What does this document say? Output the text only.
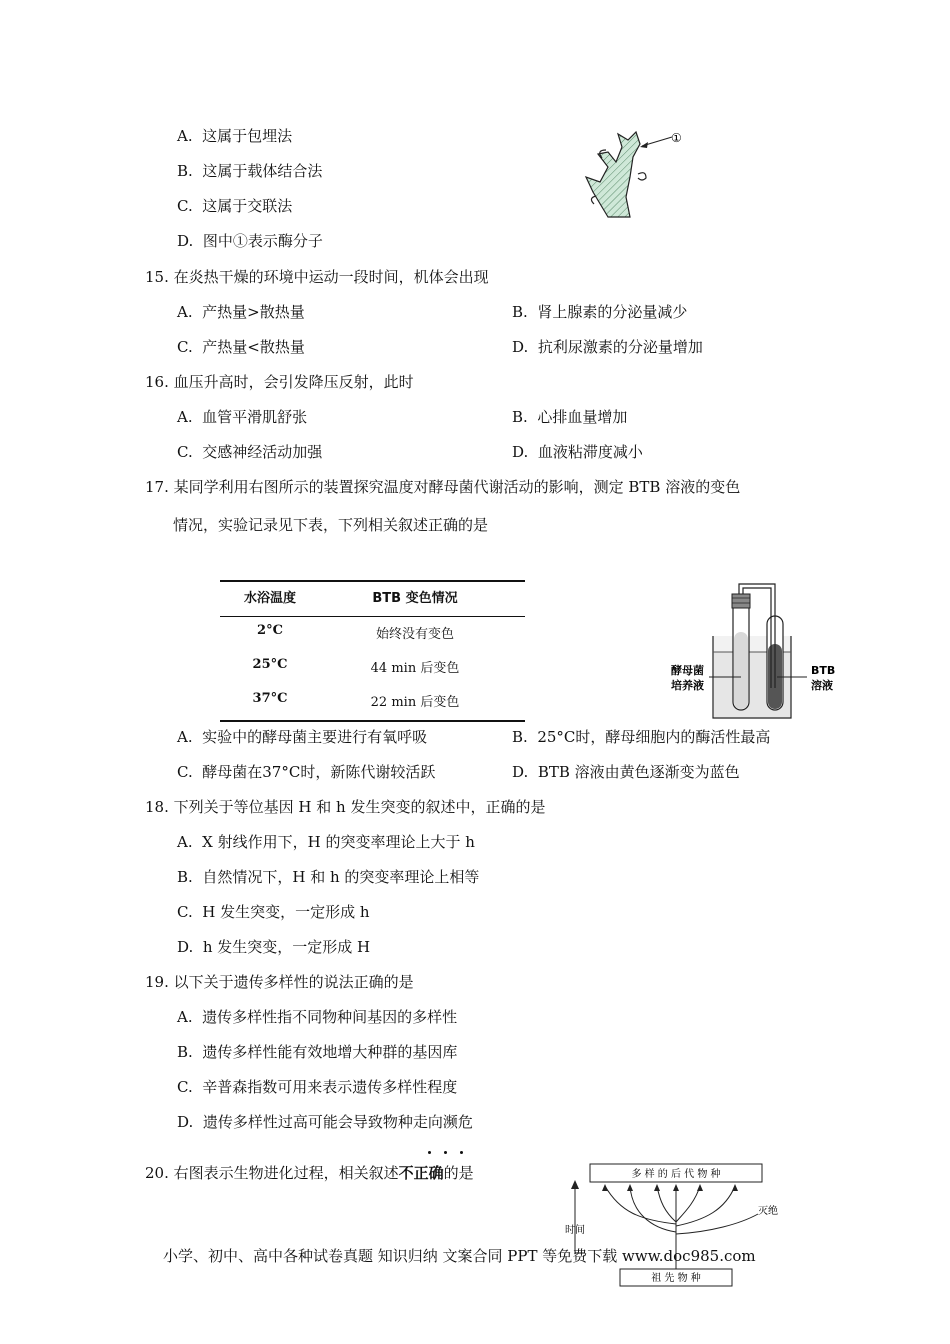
A. 这属于包埋法
B. 这属于载体结合法
C. 这属于交联法
D. 图中①表示酶分子
①
15. 在炎热干燥的环境中运动一段时间，机体会出现
A. 产热量>散热量	B. 肾上腺素的分泌量减少
C. 产热量<散热量	D. 抗利尿激素的分泌量增加
16. 血压升高时，会引发降压反射，此时
A. 血管平滑肌舒张	B. 心排血量增加
C. 交感神经活动加强	D. 血液粘滞度减小
17. 某同学利用右图所示的装置探究温度对酵母菌代谢活动的影响，测定 BTB 溶液的变色
情况，实验记录见下表，下列相关叙述正确的是
水浴温度	BTB 变色情况
2°C	始终没有变色
25°C	44 min 后变色
37°C	22 min 后变色
酵母菌
培养液
BTB
溶液
A. 实验中的酵母菌主要进行有氧呼吸	B. 25°C时，酵母细胞内的酶活性最高
C. 酵母菌在37°C时，新陈代谢较活跃	D. BTB 溶液由黄色逐渐变为蓝色
18. 下列关于等位基因 H 和 h 发生突变的叙述中，正确的是
A. X 射线作用下，H 的突变率理论上大于 h
B. 自然情况下，H 和 h 的突变率理论上相等
C. H 发生突变，一定形成 h
D. h 发生突变，一定形成 H
19. 以下关于遗传多样性的说法正确的是
A. 遗传多样性指不同物种间基因的多样性
B. 遗传多样性能有效地增大种群的基因库
C. 辛普森指数可用来表示遗传多样性程度
D. 遗传多样性过高可能会导致物种走向濒危
20. 右图表示生物进化过程，相关叙述不正确的是	多 样 的 后 代 物 种
祖 先 物 种
时间
灭绝
小学、初中、高中各种试卷真题 知识归纳 文案合同 PPT 等免费下载 www.doc985.com
